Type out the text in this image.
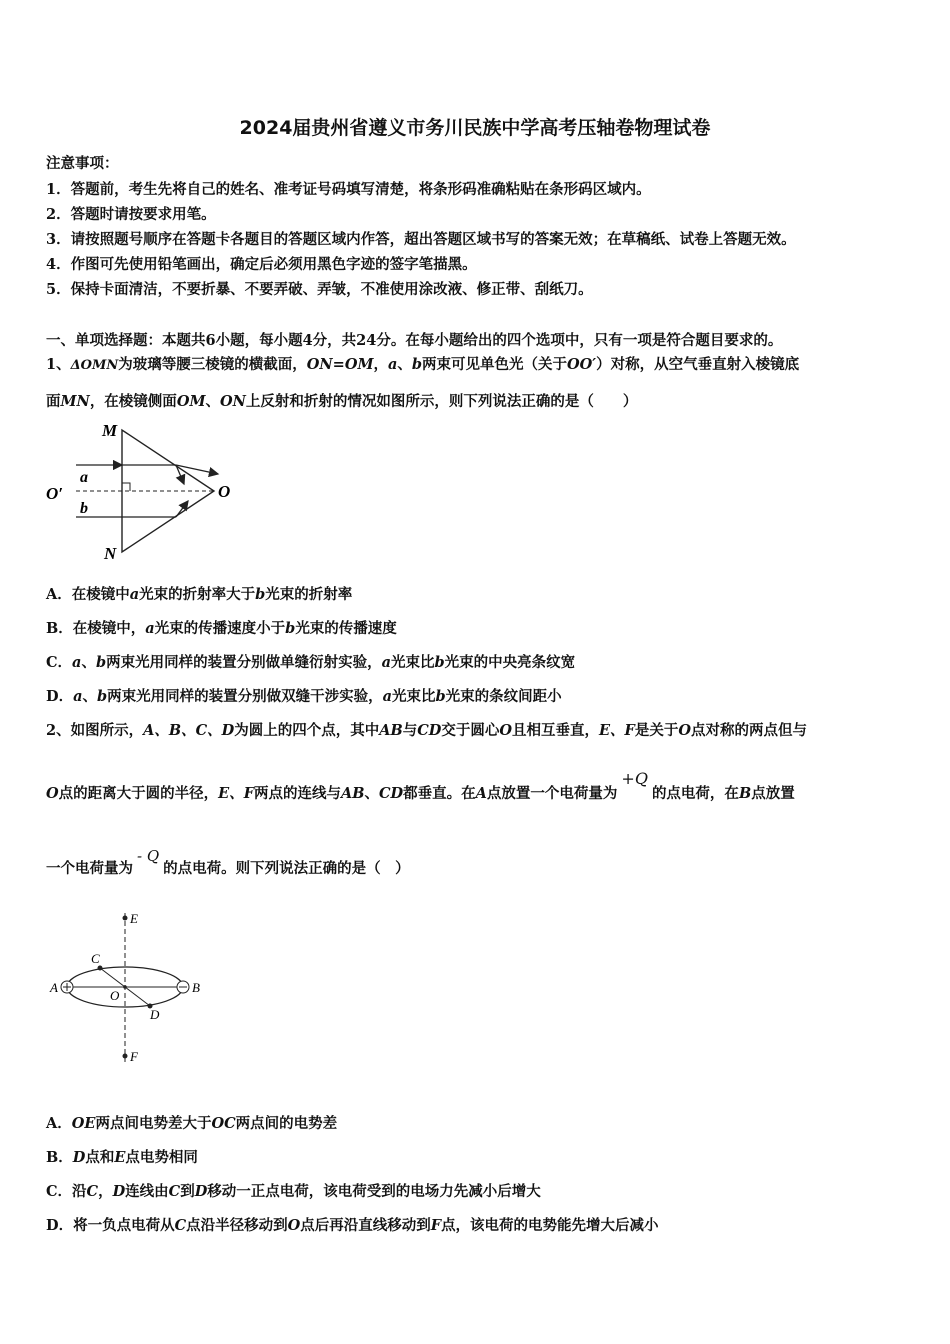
2024届贵州省遵义市务川民族中学高考压轴卷物理试卷
注意事项：
1．答题前，考生先将自己的姓名、准考证号码填写清楚，将条形码准确粘贴在条形码区域内。
2．答题时请按要求用笔。
3．请按照题号顺序在答题卡各题目的答题区域内作答，超出答题区域书写的答案无效；在草稿纸、试卷上答题无效。
4．作图可先使用铅笔画出，确定后必须用黑色字迹的签字笔描黑。
5．保持卡面清洁，不要折暴、不要弄破、弄皱，不准使用涂改液、修正带、刮纸刀。
一、单项选择题：本题共6小题，每小题4分，共24分。在每小题给出的四个选项中，只有一项是符合题目要求的。
1、ΔOMN为玻璃等腰三棱镜的横截面，ON=OM，a、b两束可见单色光（关于OO′）对称，从空气垂直射入棱镜底
面MN，在棱镜侧面OM、ON上反射和折射的情况如图所示，则下列说法正确的是（　　）
M
N
O
O′
a
b
A．在棱镜中a光束的折射率大于b光束的折射率
B．在棱镜中，a光束的传播速度小于b光束的传播速度
C．a、b两束光用同样的装置分别做单缝衍射实验，a光束比b光束的中央亮条纹宽
D．a、b两束光用同样的装置分别做双缝干涉实验，a光束比b光束的条纹间距小
2、如图所示，A、B、C、D为圆上的四个点，其中AB与CD交于圆心O且相互垂直，E、F是关于O点对称的两点但与
O点的距离大于圆的半径，E、F两点的连线与AB、CD都垂直。在A点放置一个电荷量为+Q的点电荷，在B点放置
一个电荷量为- Q的点电荷。则下列说法正确的是（　）
E
F
A	B
C
D
O
A．OE两点间电势差大于OC两点间的电势差
B．D点和E点电势相同
C．沿C，D连线由C到D移动一正点电荷，该电荷受到的电场力先减小后增大
D．将一负点电荷从C点沿半径移动到O点后再沿直线移动到F点，该电荷的电势能先增大后减小
